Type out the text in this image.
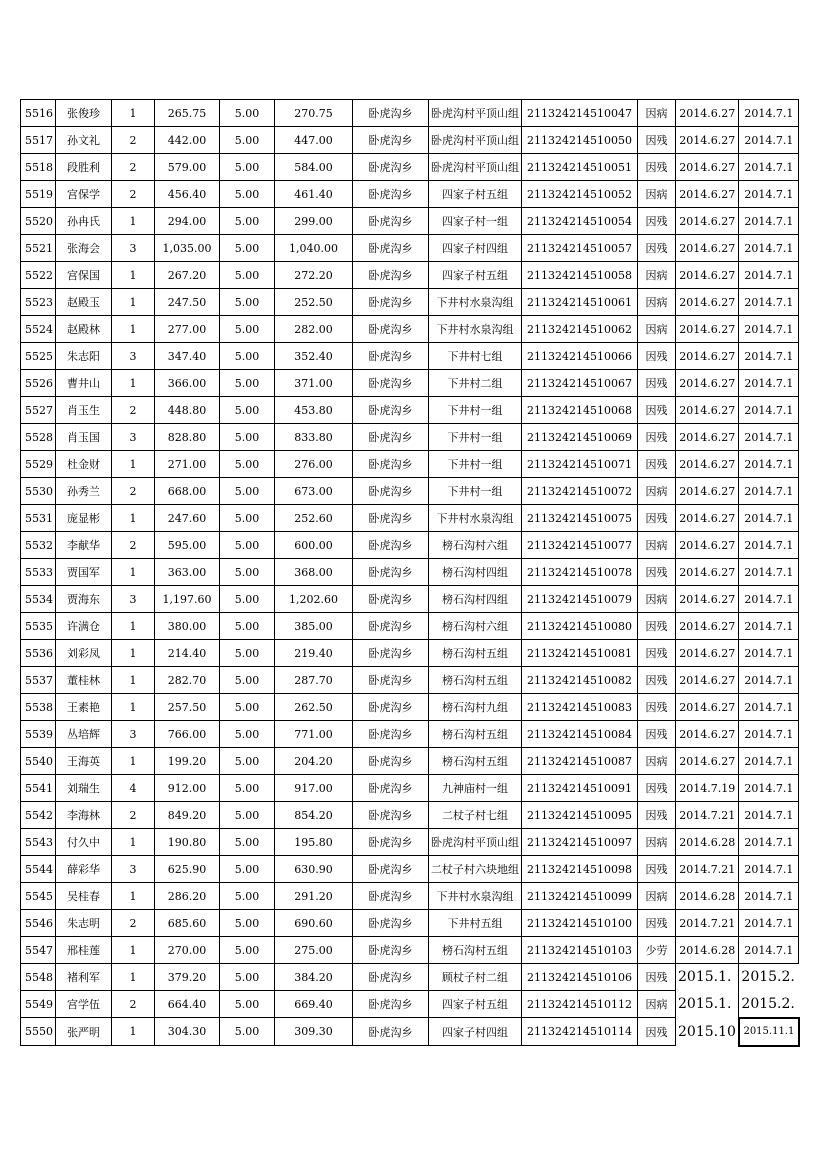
5516	张俊珍	1	265.75	5.00	270.75	卧虎沟乡	卧虎沟村平顶山组	211324214510047	因病	2014.6.27	2014.7.1
5517	孙文礼	2	442.00	5.00	447.00	卧虎沟乡	卧虎沟村平顶山组	211324214510050	因残	2014.6.27	2014.7.1
5518	段胜利	2	579.00	5.00	584.00	卧虎沟乡	卧虎沟村平顶山组	211324214510051	因残	2014.6.27	2014.7.1
5519	宫保学	2	456.40	5.00	461.40	卧虎沟乡	四家子村五组	211324214510052	因病	2014.6.27	2014.7.1
5520	孙冉氏	1	294.00	5.00	299.00	卧虎沟乡	四家子村一组	211324214510054	因残	2014.6.27	2014.7.1
5521	张海会	3	1,035.00	5.00	1,040.00	卧虎沟乡	四家子村四组	211324214510057	因残	2014.6.27	2014.7.1
5522	宫保国	1	267.20	5.00	272.20	卧虎沟乡	四家子村五组	211324214510058	因病	2014.6.27	2014.7.1
5523	赵殿玉	1	247.50	5.00	252.50	卧虎沟乡	下井村水泉沟组	211324214510061	因病	2014.6.27	2014.7.1
5524	赵殿林	1	277.00	5.00	282.00	卧虎沟乡	下井村水泉沟组	211324214510062	因病	2014.6.27	2014.7.1
5525	朱志阳	3	347.40	5.00	352.40	卧虎沟乡	下井村七组	211324214510066	因残	2014.6.27	2014.7.1
5526	曹井山	1	366.00	5.00	371.00	卧虎沟乡	下井村二组	211324214510067	因残	2014.6.27	2014.7.1
5527	肖玉生	2	448.80	5.00	453.80	卧虎沟乡	下井村一组	211324214510068	因残	2014.6.27	2014.7.1
5528	肖玉国	3	828.80	5.00	833.80	卧虎沟乡	下井村一组	211324214510069	因残	2014.6.27	2014.7.1
5529	杜金财	1	271.00	5.00	276.00	卧虎沟乡	下井村一组	211324214510071	因残	2014.6.27	2014.7.1
5530	孙秀兰	2	668.00	5.00	673.00	卧虎沟乡	下井村一组	211324214510072	因病	2014.6.27	2014.7.1
5531	庞显彬	1	247.60	5.00	252.60	卧虎沟乡	下井村水泉沟组	211324214510075	因残	2014.6.27	2014.7.1
5532	李献华	2	595.00	5.00	600.00	卧虎沟乡	榜石沟村六组	211324214510077	因病	2014.6.27	2014.7.1
5533	贾国军	1	363.00	5.00	368.00	卧虎沟乡	榜石沟村四组	211324214510078	因残	2014.6.27	2014.7.1
5534	贾海东	3	1,197.60	5.00	1,202.60	卧虎沟乡	榜石沟村四组	211324214510079	因病	2014.6.27	2014.7.1
5535	许满仓	1	380.00	5.00	385.00	卧虎沟乡	榜石沟村六组	211324214510080	因残	2014.6.27	2014.7.1
5536	刘彩凤	1	214.40	5.00	219.40	卧虎沟乡	榜石沟村五组	211324214510081	因残	2014.6.27	2014.7.1
5537	董桂林	1	282.70	5.00	287.70	卧虎沟乡	榜石沟村五组	211324214510082	因残	2014.6.27	2014.7.1
5538	王素艳	1	257.50	5.00	262.50	卧虎沟乡	榜石沟村九组	211324214510083	因残	2014.6.27	2014.7.1
5539	丛培辉	3	766.00	5.00	771.00	卧虎沟乡	榜石沟村五组	211324214510084	因残	2014.6.27	2014.7.1
5540	王海英	1	199.20	5.00	204.20	卧虎沟乡	榜石沟村五组	211324214510087	因病	2014.6.27	2014.7.1
5541	刘瑞生	4	912.00	5.00	917.00	卧虎沟乡	九神庙村一组	211324214510091	因残	2014.7.19	2014.7.1
5542	李海林	2	849.20	5.00	854.20	卧虎沟乡	二杖子村七组	211324214510095	因残	2014.7.21	2014.7.1
5543	付久中	1	190.80	5.00	195.80	卧虎沟乡	卧虎沟村平顶山组	211324214510097	因病	2014.6.28	2014.7.1
5544	薛彩华	3	625.90	5.00	630.90	卧虎沟乡	二杖子村六块地组	211324214510098	因残	2014.7.21	2014.7.1
5545	吴桂春	1	286.20	5.00	291.20	卧虎沟乡	下井村水泉沟组	211324214510099	因病	2014.6.28	2014.7.1
5546	朱志明	2	685.60	5.00	690.60	卧虎沟乡	下井村五组	211324214510100	因残	2014.7.21	2014.7.1
5547	邢桂莲	1	270.00	5.00	275.00	卧虎沟乡	榜石沟村五组	211324214510103	少劳	2014.6.28	2014.7.1
5548	褚利军	1	379.20	5.00	384.20	卧虎沟乡	顾杖子村二组	211324214510106	因残	2015.1.	2015.2.
5549	宫学伍	2	664.40	5.00	669.40	卧虎沟乡	四家子村五组	211324214510112	因病	2015.1.	2015.2.
5550	张严明	1	304.30	5.00	309.30	卧虎沟乡	四家子村四组	211324214510114	因残	2015.10	2015.11.1
